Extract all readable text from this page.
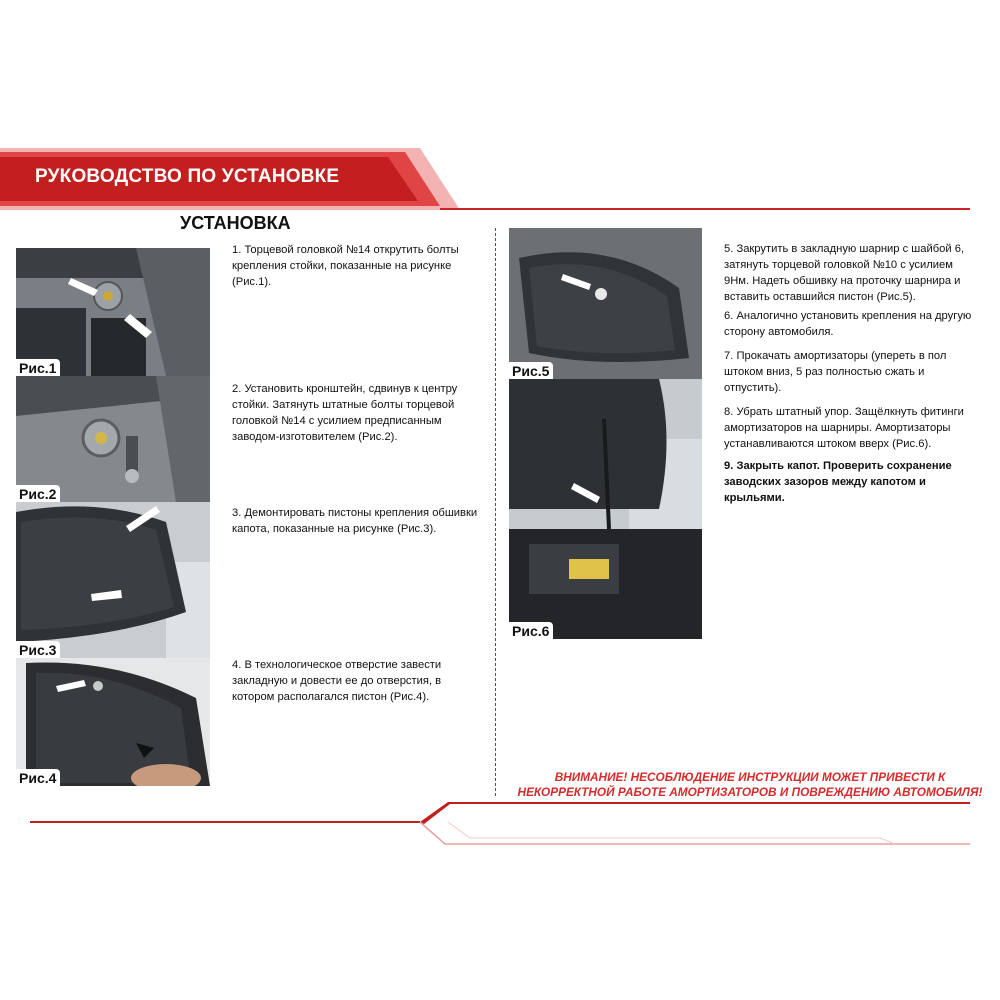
РУКОВОДСТВО ПО УСТАНОВКЕ
УСТАНОВКА
Рис.1
Рис.2
Рис.3
Рис.4
Рис.5
Рис.6
1. Торцевой головкой №14 открутить болты крепления стойки, показанные на рисунке (Рис.1).
2. Установить кронштейн, сдвинув к центру стойки. Затянуть штатные болты торцевой головкой №14 с усилием предписанным заводом-изготовителем (Рис.2).
3. Демонтировать пистоны крепления обшивки капота, показанные на рисунке (Рис.3).
4. В технологическое отверстие завести закладную и довести ее до отверстия, в котором располагался пистон (Рис.4).
5. Закрутить в закладную шарнир с шайбой 6, затянуть торцевой головкой №10 с усилием 9Нм. Надеть обшивку на проточку шарнира и вставить оставшийся пистон (Рис.5).
6. Аналогично установить крепления на другую сторону автомобиля.
7. Прокачать амортизаторы (упереть в пол штоком вниз, 5 раз полностью сжать и отпустить).
8. Убрать штатный упор. Защёлкнуть фитинги амортизаторов на шарниры. Амортизаторы устанавливаются штоком вверх (Рис.6).
9. Закрыть капот. Проверить сохранение заводских зазоров между капотом и крыльями.
ВНИМАНИЕ! НЕСОБЛЮДЕНИЕ ИНСТРУКЦИИ МОЖЕТ ПРИВЕСТИ К
НЕКОРРЕКТНОЙ РАБОТЕ АМОРТИЗАТОРОВ И ПОВРЕЖДЕНИЮ АВТОМОБИЛЯ!
